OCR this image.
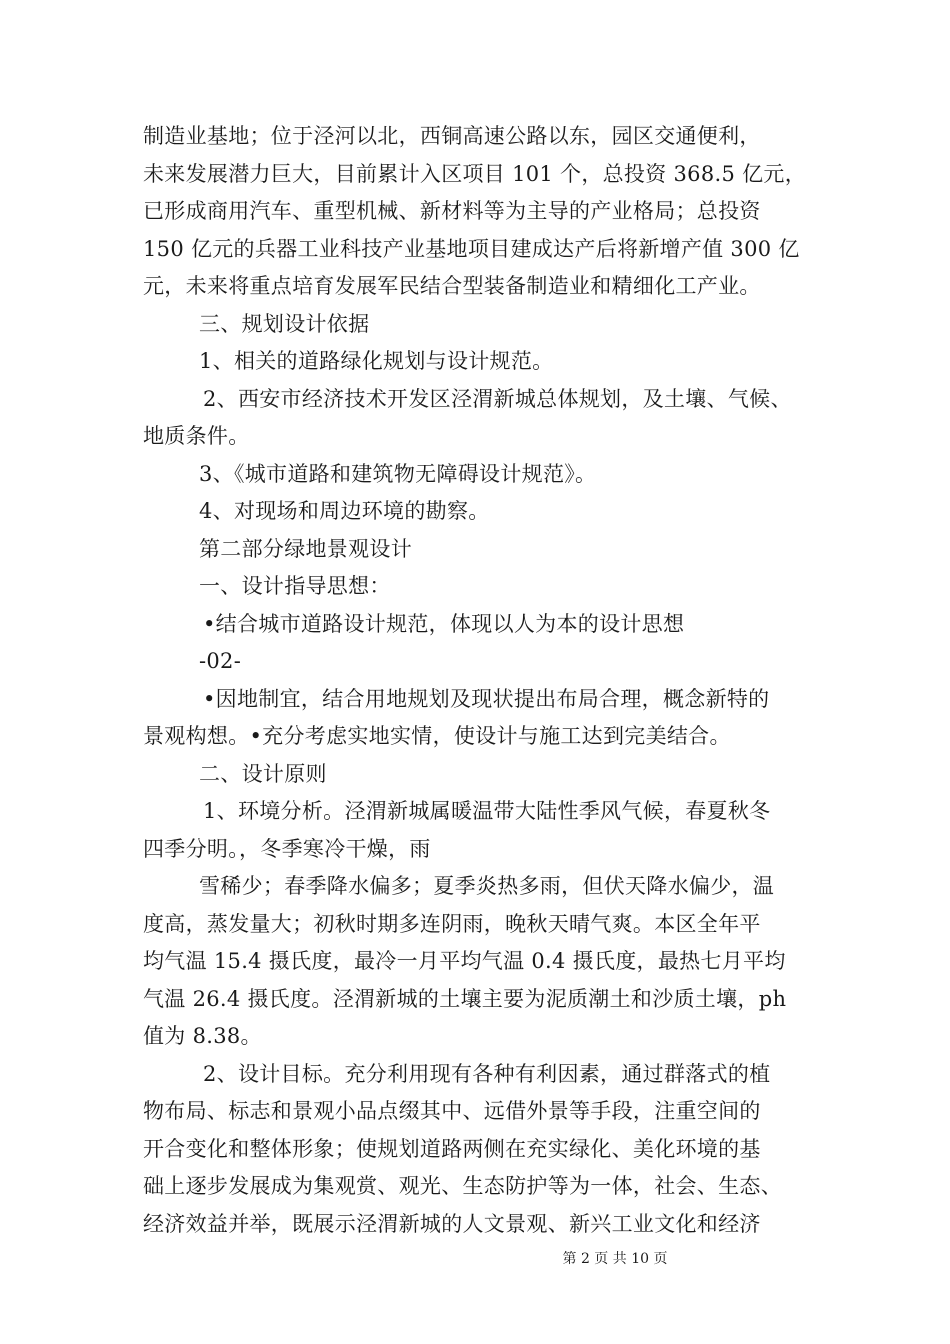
制造业基地；位于泾河以北，西铜高速公路以东，园区交通便利，
未来发展潜力巨大，目前累计入区项目 101 个，总投资 368.5 亿元，
已形成商用汽车、重型机械、新材料等为主导的产业格局；总投资
150 亿元的兵器工业科技产业基地项目建成达产后将新增产值 300 亿
元，未来将重点培育发展军民结合型装备制造业和精细化工产业。
三、规划设计依据
1、相关的道路绿化规划与设计规范。
2、西安市经济技术开发区泾渭新城总体规划，及土壤、气候、
地质条件。
3、《城市道路和建筑物无障碍设计规范》。
4、对现场和周边环境的勘察。
第二部分绿地景观设计
一、设计指导思想：
•结合城市道路设计规范，体现以人为本的设计思想
-02-
•因地制宜，结合用地规划及现状提出布局合理，概念新特的
景观构想。•充分考虑实地实情，使设计与施工达到完美结合。
二、设计原则
1、环境分析。泾渭新城属暖温带大陆性季风气候，春夏秋冬
四季分明。，冬季寒冷干燥，雨
雪稀少；春季降水偏多；夏季炎热多雨，但伏天降水偏少，温
度高，蒸发量大；初秋时期多连阴雨，晚秋天晴气爽。本区全年平
均气温 15.4 摄氏度，最冷一月平均气温 0.4 摄氏度，最热七月平均
气温 26.4 摄氏度。泾渭新城的土壤主要为泥质潮土和沙质土壤，ph
值为 8.38。
2、设计目标。充分利用现有各种有利因素，通过群落式的植
物布局、标志和景观小品点缀其中、远借外景等手段，注重空间的
开合变化和整体形象；使规划道路两侧在充实绿化、美化环境的基
础上逐步发展成为集观赏、观光、生态防护等为一体，社会、生态、
经济效益并举，既展示泾渭新城的人文景观、新兴工业文化和经济
第 2 页 共 10 页
